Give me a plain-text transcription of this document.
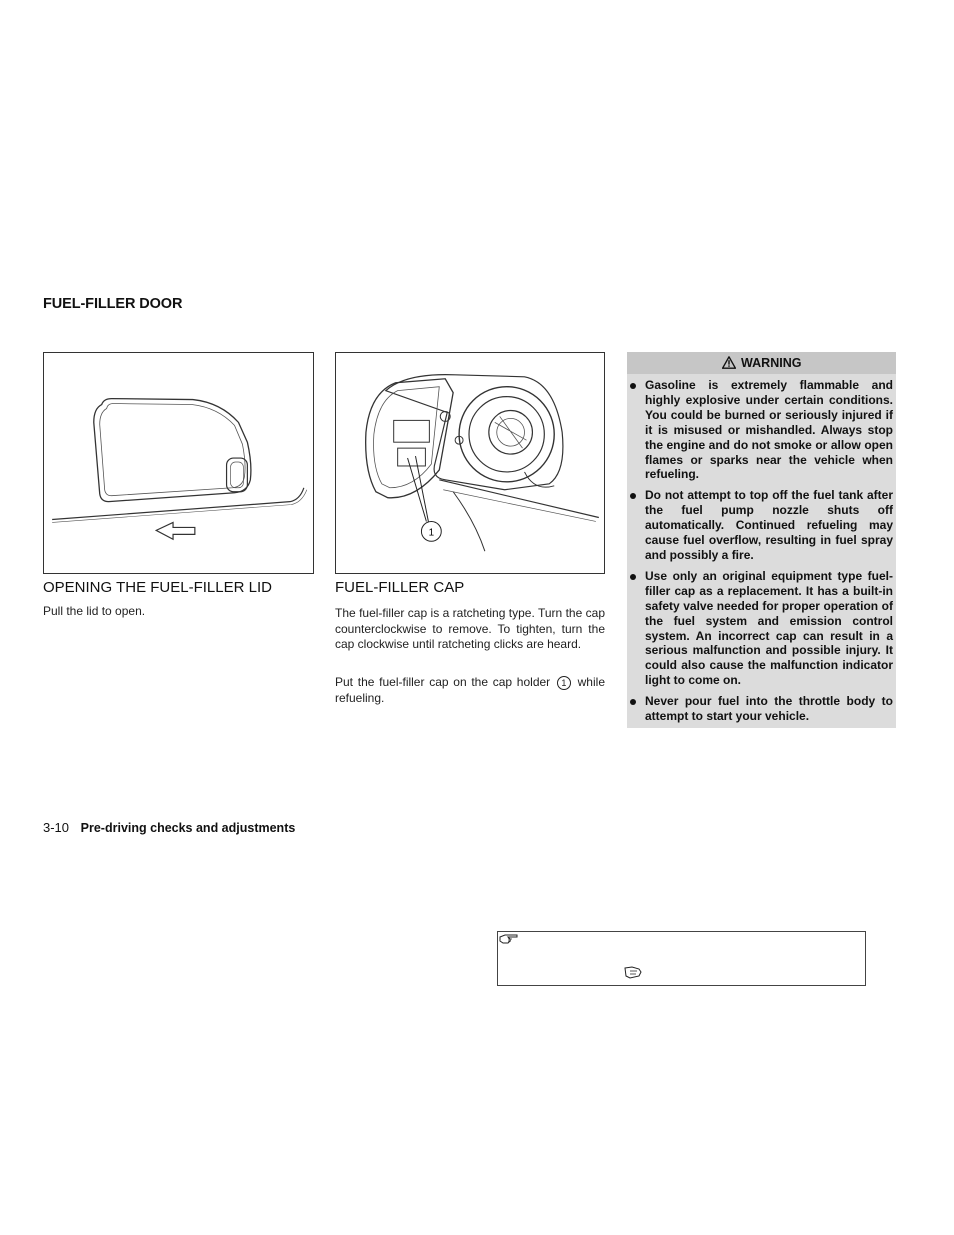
FUEL-FILLER DOOR
1
OPENING THE FUEL-FILLER LID
Pull the lid to open.
FUEL-FILLER CAP
The fuel-filler cap is a ratcheting type. Turn the cap counterclockwise to remove. To tighten, turn the cap clockwise until ratcheting clicks are heard.
Put the fuel-filler cap on the cap holder 1 while refueling.
WARNING
Gasoline is extremely flammable and highly explosive under certain conditions. You could be burned or seriously injured if it is misused or mishandled. Always stop the engine and do not smoke or allow open flames or sparks near the vehicle when refueling.
Do not attempt to top off the fuel tank after the fuel pump nozzle shuts off automatically. Continued refueling may cause fuel overflow, resulting in fuel spray and possibly a fire.
Use only an original equipment type fuel-filler cap as a replacement. It has a built-in safety valve needed for proper operation of the fuel system and emission control system. An incorrect cap can result in a serious malfunction and possible injury. It could also cause the malfunction indicator light to come on.
Never pour fuel into the throttle body to attempt to start your vehicle.
3-10 Pre-driving checks and adjustments
